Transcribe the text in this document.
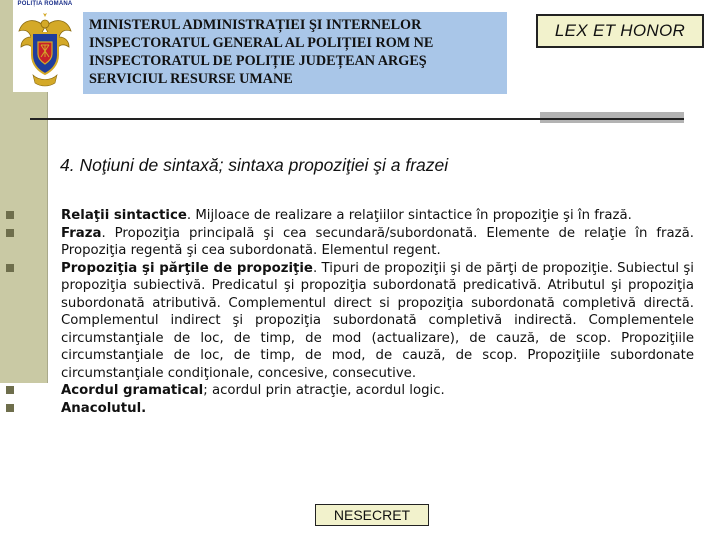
POLIȚIA ROMÂNĂ
MINISTERUL ADMINISTRAȚIEI ŞI INTERNELOR
INSPECTORATUL GENERAL AL POLIȚIEI ROM NE
INSPECTORATUL DE POLIȚIE JUDEȚEAN ARGEŞ
SERVICIUL RESURSE UMANE
LEX ET HONOR
4. Noţiuni de sintaxă; sintaxa propoziţiei şi a frazei
Relaţii sintactice. Mijloace de realizare a relaţiilor sintactice în propoziţie şi în frază.
Fraza. Propoziţia principală şi cea secundară/subordonată. Elemente de relaţie în frază. Propoziţia regentă şi cea subordonată. Elementul regent.
Propoziţia şi părţile de propoziţie. Tipuri de propoziţii şi de părţi de propoziţie. Subiectul şi propoziţia subiectivă. Predicatul şi propoziţia subordonată predicativă. Atributul şi propoziţia subordonată atributivă. Complementul direct si propoziţia subordonată completivă directă. Complementul indirect şi propoziţia subordonată completivă indirectă. Complementele circumstanţiale de loc, de timp, de mod (actualizare), de cauză, de scop. Propoziţiile circumstanţiale de loc, de timp, de mod, de cauză, de scop. Propoziţiile subordonate circumstanţiale condiţionale, concesive, consecutive.
Acordul gramatical; acordul prin atracţie, acordul logic.
Anacolutul.
NESECRET
